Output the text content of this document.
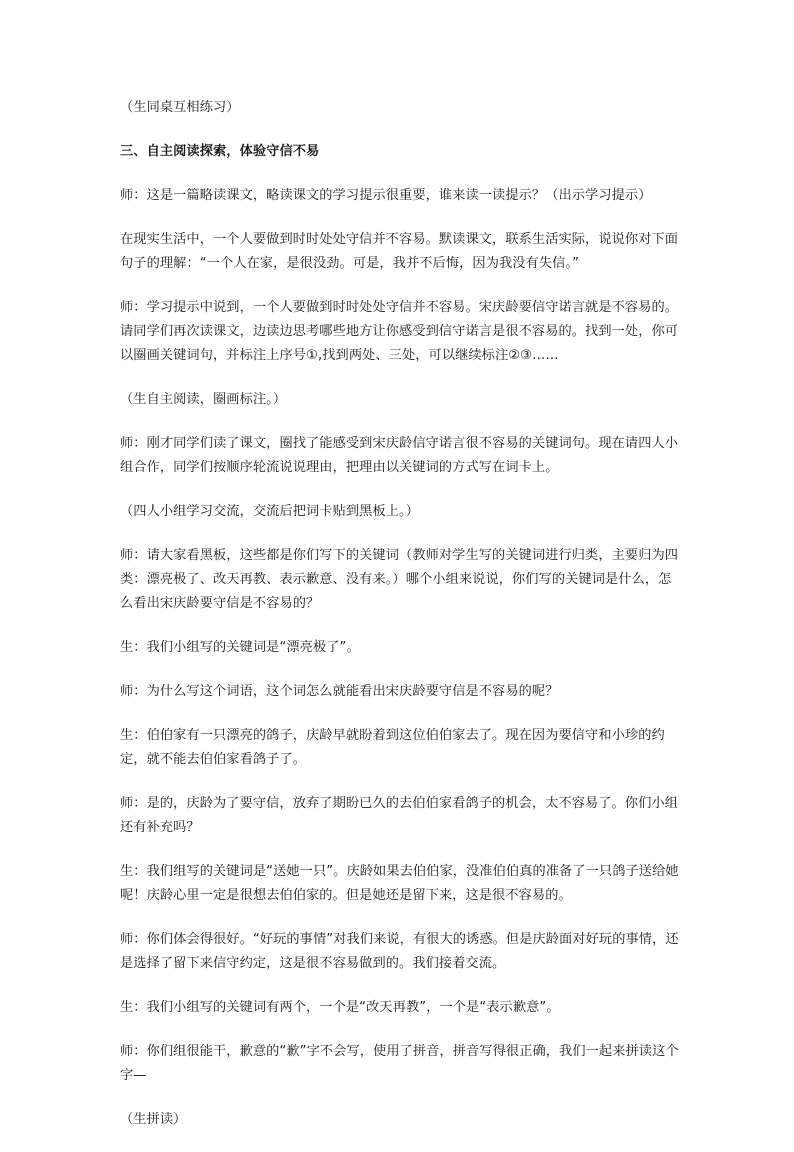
（生同桌互相练习）

三、自主阅读探索，体验守信不易

师：这是一篇略读课文，略读课文的学习提示很重要，谁来读一读提示？（出示学习提示）

在现实生活中，一个人要做到时时处处守信并不容易。默读课文，联系生活实际，说说你对下面句子的理解：“一个人在家，是很没劲。可是，我并不后悔，因为我没有失信。”

师：学习提示中说到，一个人要做到时时处处守信并不容易。宋庆龄要信守诺言就是不容易的。请同学们再次读课文，边读边思考哪些地方让你感受到信守诺言是很不容易的。找到一处，你可以圈画关键词句，并标注上序号①,找到两处、三处，可以继续标注②③……

（生自主阅读，圈画标注。）

师：刚才同学们读了课文，圈找了能感受到宋庆龄信守诺言很不容易的关键词句。现在请四人小组合作，同学们按顺序轮流说说理由，把理由以关键词的方式写在词卡上。

（四人小组学习交流，交流后把词卡贴到黑板上。）

师：请大家看黑板，这些都是你们写下的关键词（教师对学生写的关键词进行归类，主要归为四类：漂亮极了、改天再教、表示歉意、没有来。）哪个小组来说说，你们写的关键词是什么，怎么看出宋庆龄要守信是不容易的？

生：我们小组写的关键词是“漂亮极了”。

师：为什么写这个词语，这个词怎么就能看出宋庆龄要守信是不容易的呢？

生：伯伯家有一只漂亮的鸽子，庆龄早就盼着到这位伯伯家去了。现在因为要信守和小珍的约定，就不能去伯伯家看鸽子了。

师：是的，庆龄为了要守信，放弃了期盼已久的去伯伯家看鸽子的机会，太不容易了。你们小组还有补充吗？

生：我们组写的关键词是“送她一只”。庆龄如果去伯伯家，没准伯伯真的准备了一只鸽子送给她呢！庆龄心里一定是很想去伯伯家的。但是她还是留下来，这是很不容易的。

师：你们体会得很好。“好玩的事情”对我们来说，有很大的诱惑。但是庆龄面对好玩的事情，还是选择了留下来信守约定，这是很不容易做到的。我们接着交流。

生：我们小组写的关键词有两个，一个是“改天再教”，一个是“表示歉意”。

师：你们组很能干，歉意的“歉”字不会写，使用了拼音，拼音写得很正确，我们一起来拼读这个字—

（生拼读）
